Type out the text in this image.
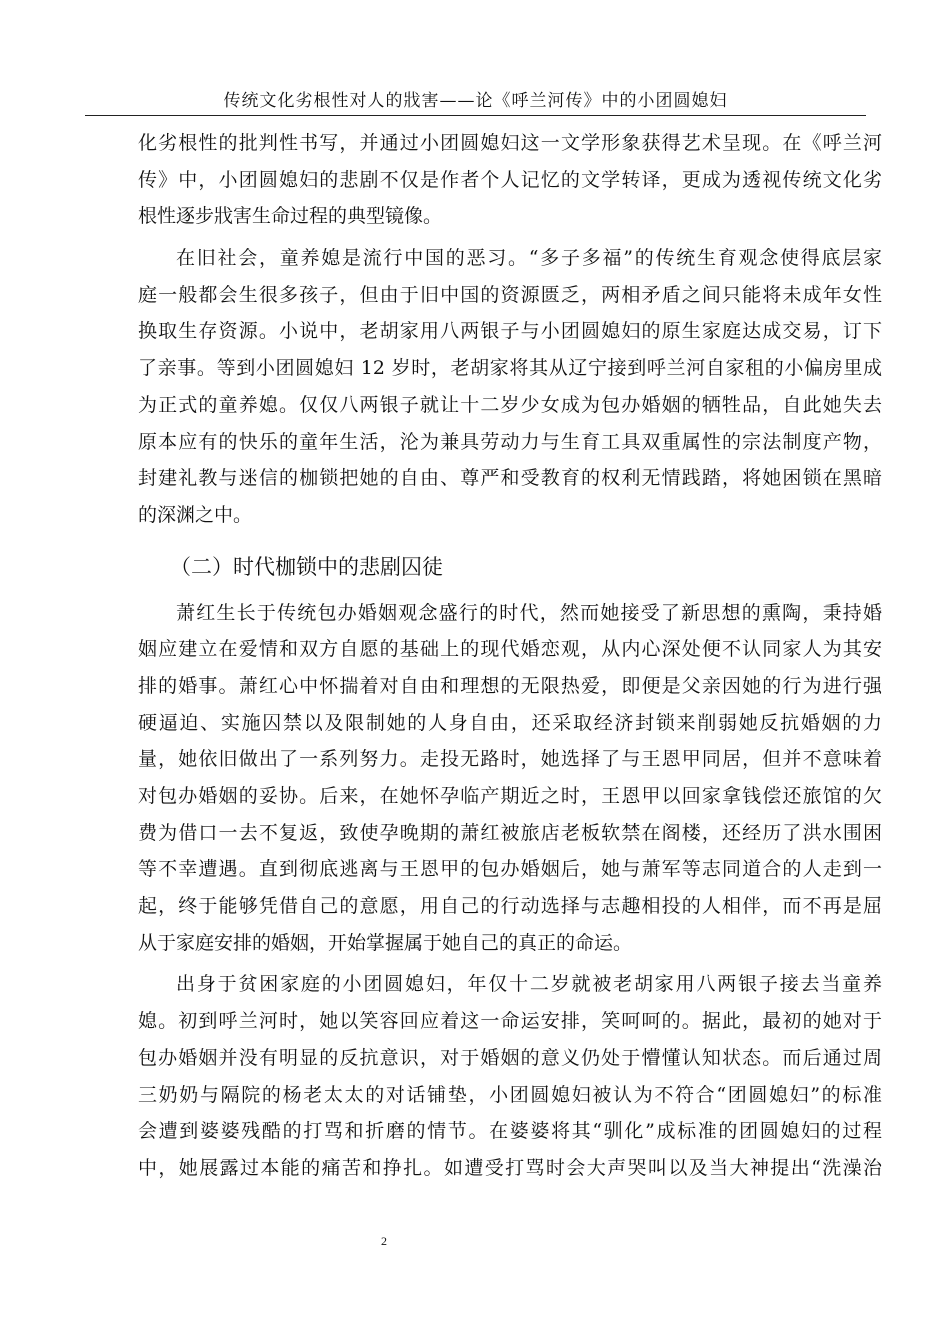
传统文化劣根性对人的戕害——论《呼兰河传》中的小团圆媳妇
化劣根性的批判性书写，并通过小团圆媳妇这一文学形象获得艺术呈现。在《呼兰河
传》中，小团圆媳妇的悲剧不仅是作者个人记忆的文学转译，更成为透视传统文化劣
根性逐步戕害生命过程的典型镜像。
在旧社会，童养媳是流行中国的恶习。“多子多福”的传统生育观念使得底层家
庭一般都会生很多孩子，但由于旧中国的资源匮乏，两相矛盾之间只能将未成年女性
换取生存资源。小说中，老胡家用八两银子与小团圆媳妇的原生家庭达成交易，订下
了亲事。等到小团圆媳妇 12 岁时，老胡家将其从辽宁接到呼兰河自家租的小偏房里成
为正式的童养媳。仅仅八两银子就让十二岁少女成为包办婚姻的牺牲品，自此她失去
原本应有的快乐的童年生活，沦为兼具劳动力与生育工具双重属性的宗法制度产物，
封建礼教与迷信的枷锁把她的自由、尊严和受教育的权利无情践踏，将她困锁在黑暗
的深渊之中。
（二）时代枷锁中的悲剧囚徒
萧红生长于传统包办婚姻观念盛行的时代，然而她接受了新思想的熏陶，秉持婚
姻应建立在爱情和双方自愿的基础上的现代婚恋观，从内心深处便不认同家人为其安
排的婚事。萧红心中怀揣着对自由和理想的无限热爱，即便是父亲因她的行为进行强
硬逼迫、实施囚禁以及限制她的人身自由，还采取经济封锁来削弱她反抗婚姻的力
量，她依旧做出了一系列努力。走投无路时，她选择了与王恩甲同居，但并不意味着
对包办婚姻的妥协。后来，在她怀孕临产期近之时，王恩甲以回家拿钱偿还旅馆的欠
费为借口一去不复返，致使孕晚期的萧红被旅店老板软禁在阁楼，还经历了洪水围困
等不幸遭遇。直到彻底逃离与王恩甲的包办婚姻后，她与萧军等志同道合的人走到一
起，终于能够凭借自己的意愿，用自己的行动选择与志趣相投的人相伴，而不再是屈
从于家庭安排的婚姻，开始掌握属于她自己的真正的命运。
出身于贫困家庭的小团圆媳妇，年仅十二岁就被老胡家用八两银子接去当童养
媳。初到呼兰河时，她以笑容回应着这一命运安排，笑呵呵的。据此，最初的她对于
包办婚姻并没有明显的反抗意识，对于婚姻的意义仍处于懵懂认知状态。而后通过周
三奶奶与隔院的杨老太太的对话铺垫，小团圆媳妇被认为不符合“团圆媳妇”的标准
会遭到婆婆残酷的打骂和折磨的情节。在婆婆将其“驯化”成标准的团圆媳妇的过程
中，她展露过本能的痛苦和挣扎。如遭受打骂时会大声哭叫以及当大神提出“洗澡治
2
